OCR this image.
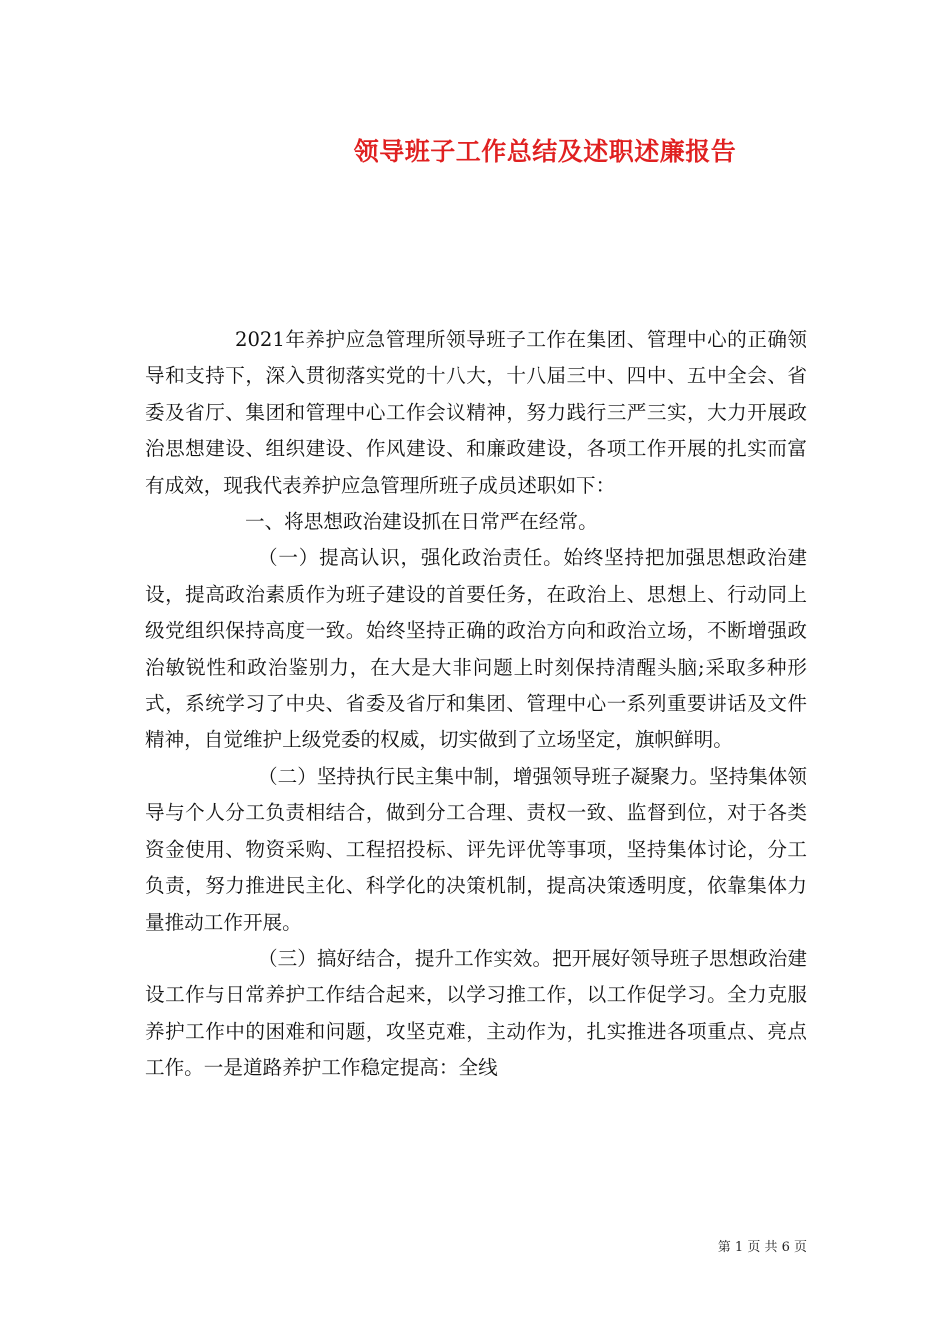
领导班子工作总结及述职述廉报告

2021年养护应急管理所领导班子工作在集团、管理中心的正确领导和支持下，深入贯彻落实党的十八大，十八届三中、四中、五中全会、省委及省厅、集团和管理中心工作会议精神，努力践行三严三实，大力开展政治思想建设、组织建设、作风建设、和廉政建设，各项工作开展的扎实而富有成效，现我代表养护应急管理所班子成员述职如下：

一、将思想政治建设抓在日常严在经常。

（一）提高认识，强化政治责任。始终坚持把加强思想政治建设，提高政治素质作为班子建设的首要任务，在政治上、思想上、行动同上级党组织保持高度一致。始终坚持正确的政治方向和政治立场，不断增强政治敏锐性和政治鉴别力，在大是大非问题上时刻保持清醒头脑;采取多种形式，系统学习了中央、省委及省厅和集团、管理中心一系列重要讲话及文件精神，自觉维护上级党委的权威，切实做到了立场坚定，旗帜鲜明。

（二）坚持执行民主集中制，增强领导班子凝聚力。坚持集体领导与个人分工负责相结合，做到分工合理、责权一致、监督到位，对于各类资金使用、物资采购、工程招投标、评先评优等事项，坚持集体讨论，分工负责，努力推进民主化、科学化的决策机制，提高决策透明度，依靠集体力量推动工作开展。

（三）搞好结合，提升工作实效。把开展好领导班子思想政治建设工作与日常养护工作结合起来，以学习推工作，以工作促学习。全力克服养护工作中的困难和问题，攻坚克难，主动作为，扎实推进各项重点、亮点工作。一是道路养护工作稳定提高：全线

第 1 页 共 6 页
